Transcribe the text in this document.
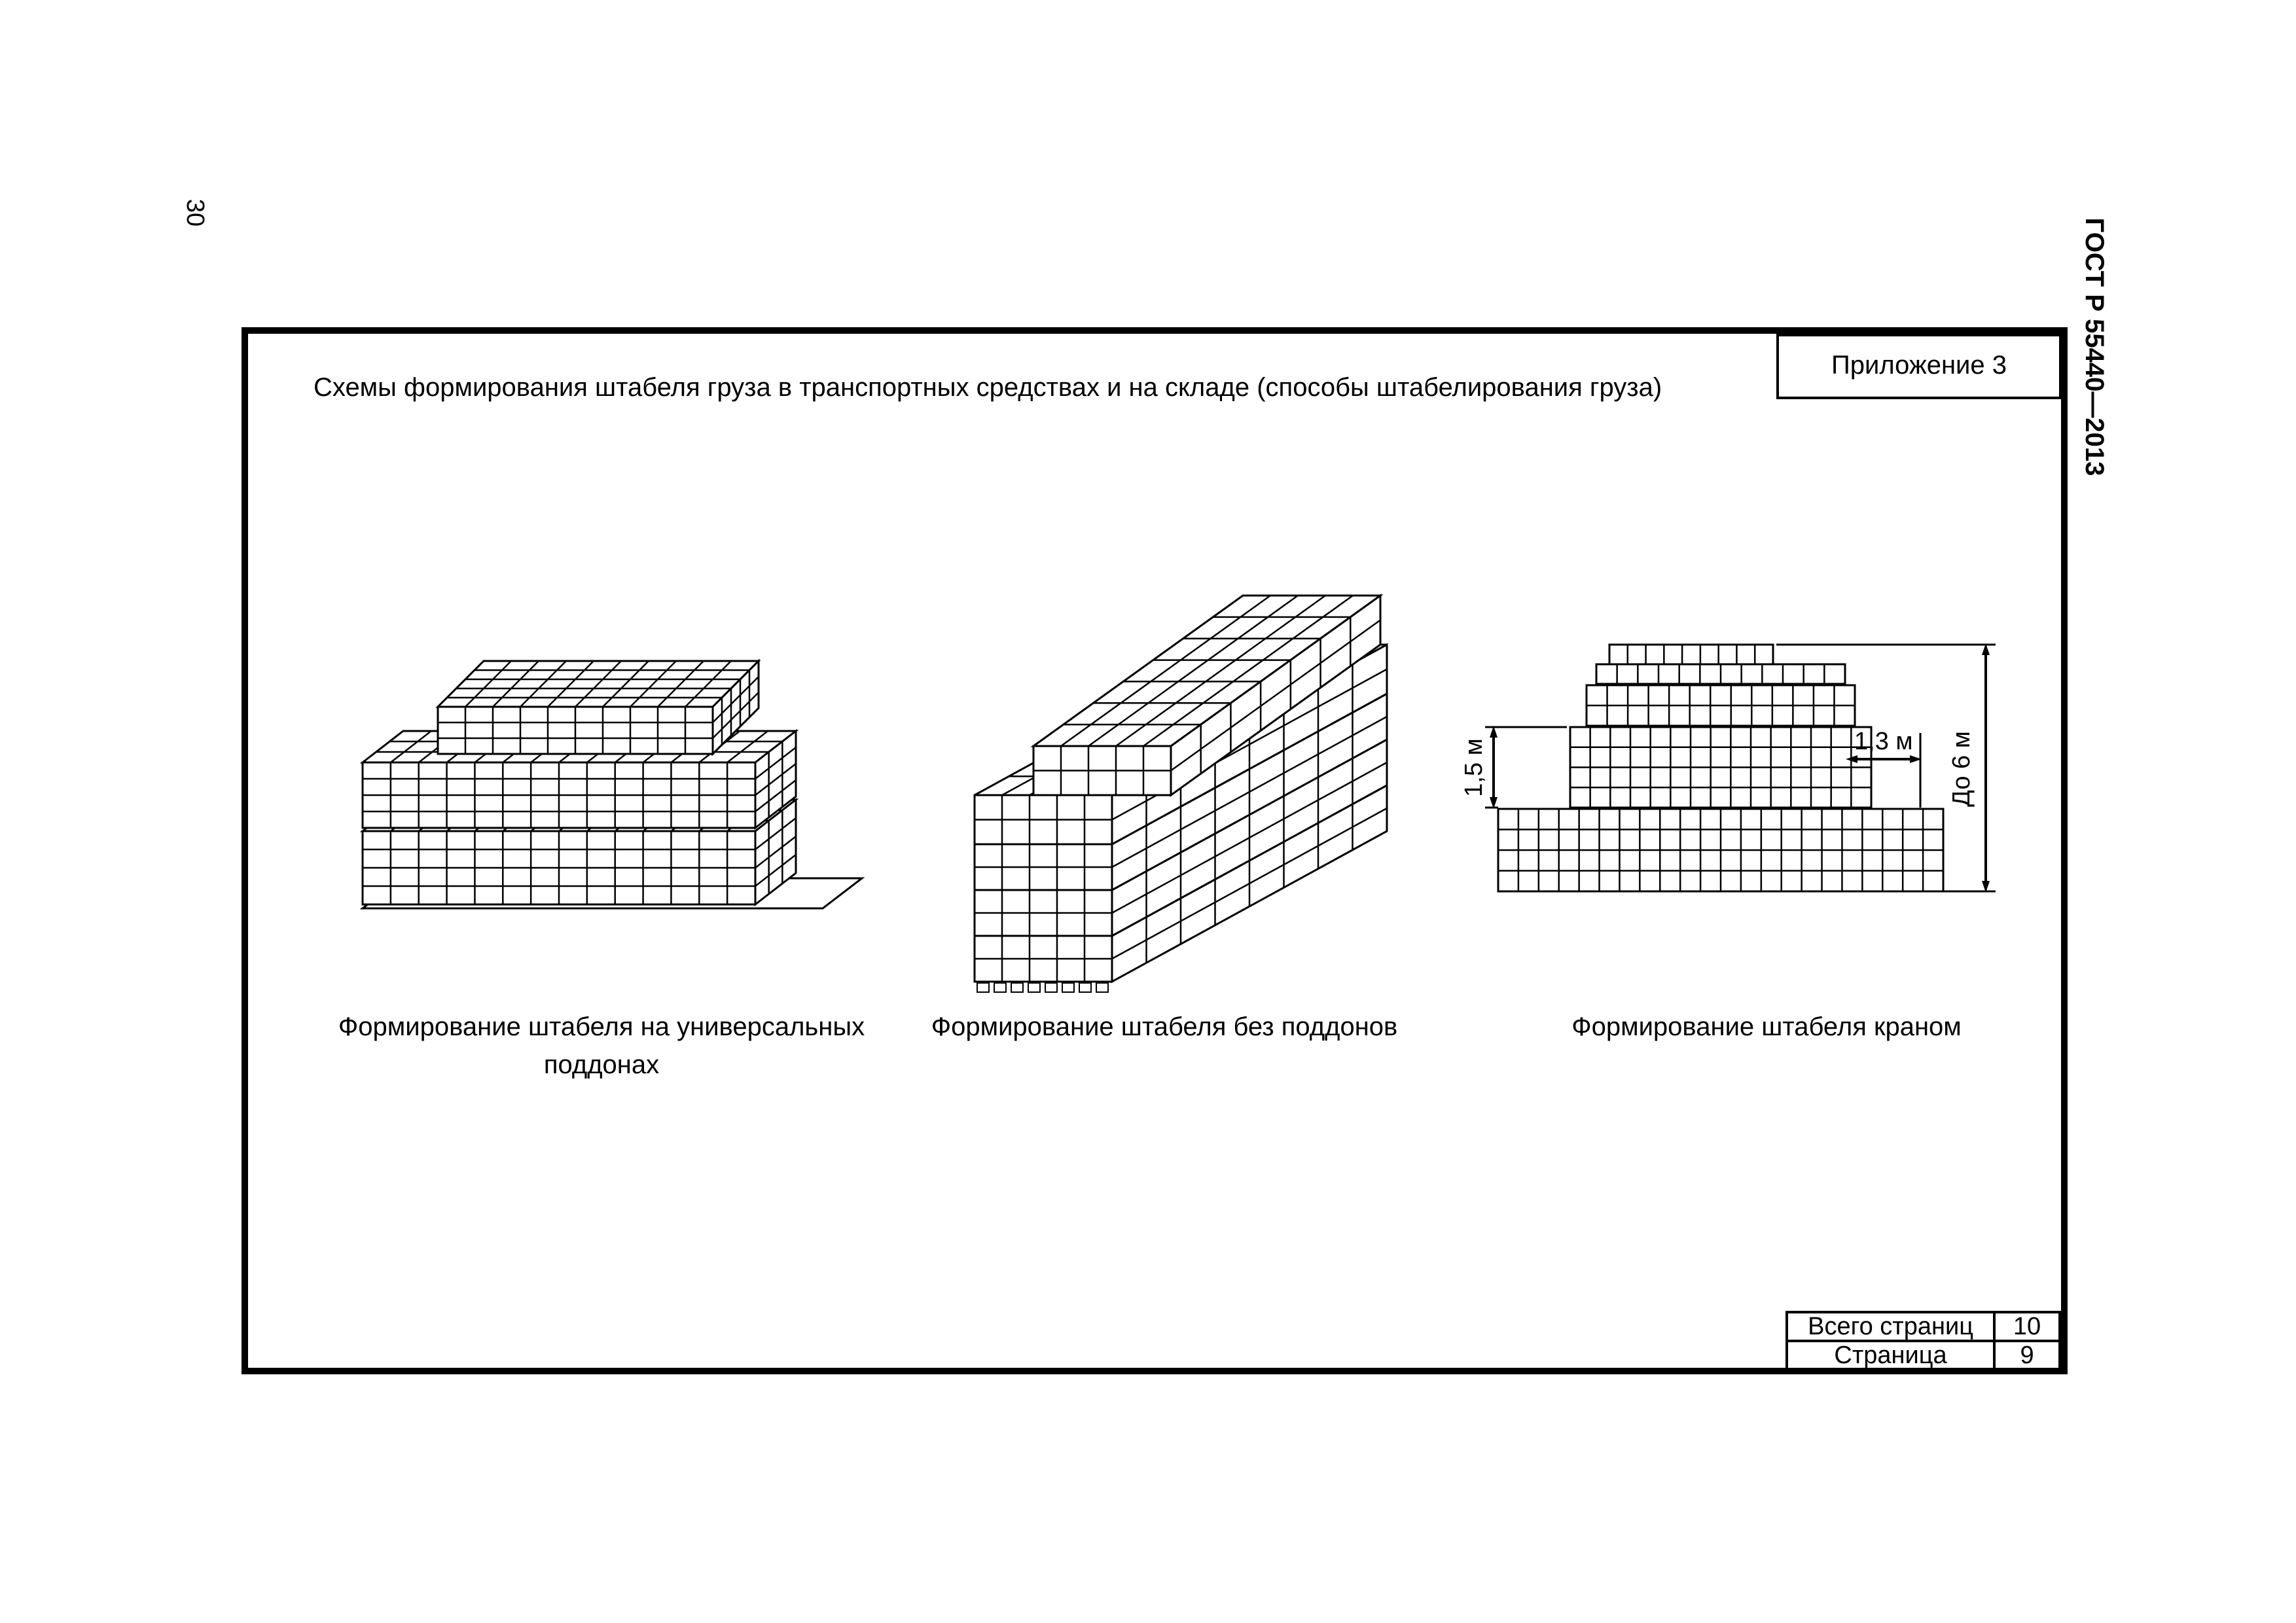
30
ГОСТ Р 55440—2013
Схемы формирования штабеля груза в транспортных средствах и на складе (способы штабелирования груза)
Приложение 3
До 6 м
1,5 м	1,3 м
Формирование штабеля на универсальных
поддонах
Формирование штабеля без поддонов	Формирование штабеля краном
Всего страниц	10
Страница	9
